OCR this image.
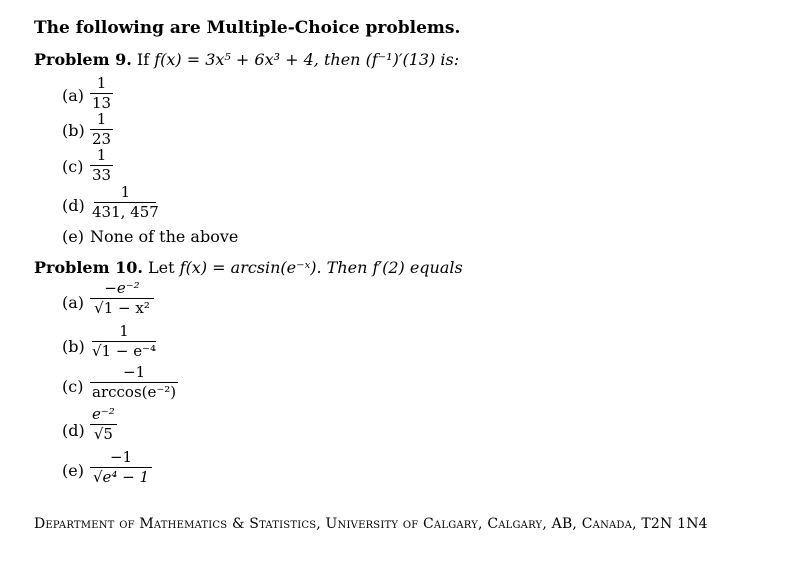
The following are Multiple-Choice problems.
Problem 9. If f(x) = 3x⁵ + 6x³ + 4, then (f⁻¹)′(13) is:
(a)
1
13
(b)
1
23
(c)
1
33
(d)
1
431, 457
(e) None of the above
Problem 10. Let f(x) = arcsin(e⁻ˣ). Then f′(2) equals
(a)
−e⁻²
√1 − x²
(b)
1
√1 − e⁻⁴
(c)
−1
arccos(e⁻²)
(d)
e⁻²
√5
(e)
−1
√e⁴ − 1
Department of Mathematics & Statistics, University of Calgary, Calgary, AB, Canada, T2N 1N4
